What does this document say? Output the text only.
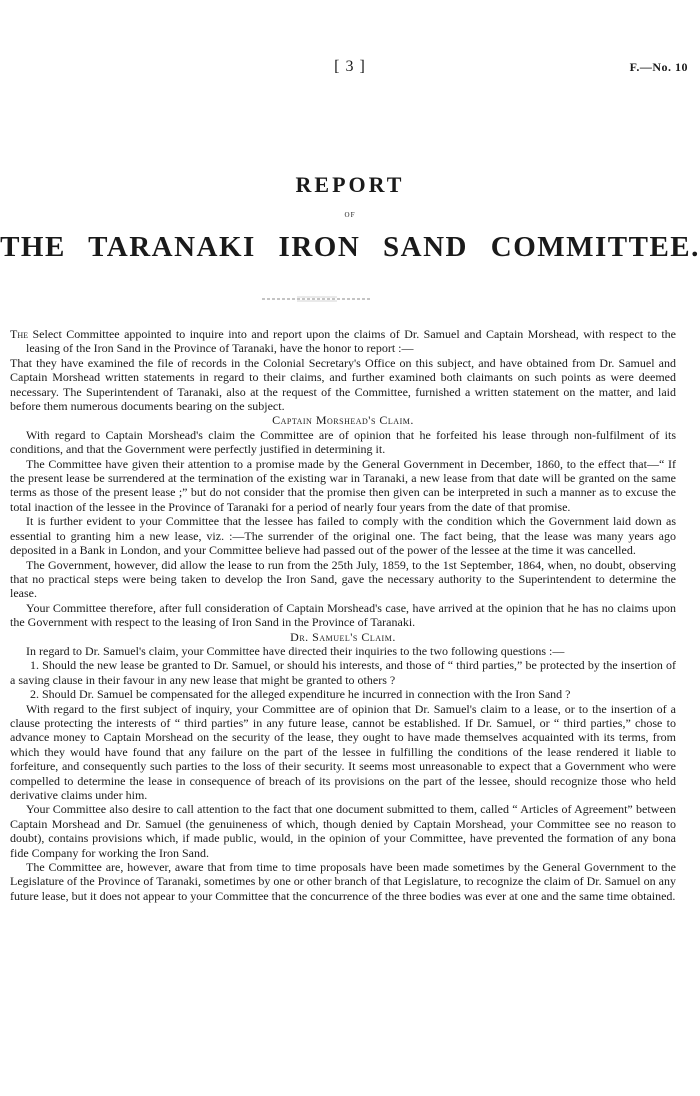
[ 3 ]	F.—No. 10
REPORT
OF
THE TARANAKI IRON SAND COMMITTEE.

The Select Committee appointed to inquire into and report upon the claims of Dr. Samuel and Captain Morshead, with respect to the leasing of the Iron Sand in the Province of Taranaki, have the honor to report :—

That they have examined the file of records in the Colonial Secretary's Office on this subject, and have obtained from Dr. Samuel and Captain Morshead written statements in regard to their claims, and further examined both claimants on such points as were deemed necessary. The Superintendent of Taranaki, also at the request of the Committee, furnished a written statement on the matter, and laid before them numerous documents bearing on the subject.

Captain Morshead's Claim.

With regard to Captain Morshead's claim the Committee are of opinion that he forfeited his lease through non-fulfilment of its conditions, and that the Government were perfectly justified in determining it.

The Committee have given their attention to a promise made by the General Government in December, 1860, to the effect that—“ If the present lease be surrendered at the termination of the existing war in Taranaki, a new lease from that date will be granted on the same terms as those of the present lease ;” but do not consider that the promise then given can be interpreted in such a manner as to excuse the total inaction of the lessee in the Province of Taranaki for a period of nearly four years from the date of that promise.

It is further evident to your Committee that the lessee has failed to comply with the condition which the Government laid down as essential to granting him a new lease, viz. :—The surrender of the original one. The fact being, that the lease was many years ago deposited in a Bank in London, and your Committee believe had passed out of the power of the lessee at the time it was cancelled.

The Government, however, did allow the lease to run from the 25th July, 1859, to the 1st September, 1864, when, no doubt, observing that no practical steps were being taken to develop the Iron Sand, gave the necessary authority to the Superintendent to determine the lease.

Your Committee therefore, after full consideration of Captain Morshead's case, have arrived at the opinion that he has no claims upon the Government with respect to the leasing of Iron Sand in the Province of Taranaki.

Dr. Samuel's Claim.

In regard to Dr. Samuel's claim, your Committee have directed their inquiries to the two following questions :—

1. Should the new lease be granted to Dr. Samuel, or should his interests, and those of “ third parties,” be protected by the insertion of a saving clause in their favour in any new lease that might be granted to others ?

2. Should Dr. Samuel be compensated for the alleged expenditure he incurred in connection with the Iron Sand ?

With regard to the first subject of inquiry, your Committee are of opinion that Dr. Samuel's claim to a lease, or to the insertion of a clause protecting the interests of “ third parties” in any future lease, cannot be established. If Dr. Samuel, or “ third parties,” chose to advance money to Captain Morshead on the security of the lease, they ought to have made themselves acquainted with its terms, from which they would have found that any failure on the part of the lessee in fulfilling the conditions of the lease rendered it liable to forfeiture, and consequently such parties to the loss of their security. It seems most unreasonable to expect that a Government who were compelled to determine the lease in consequence of breach of its provisions on the part of the lessee, should recognize those who held derivative claims under him.

Your Committee also desire to call attention to the fact that one document submitted to them, called “ Articles of Agreement” between Captain Morshead and Dr. Samuel (the genuineness of which, though denied by Captain Morshead, your Committee see no reason to doubt), contains provisions which, if made public, would, in the opinion of your Committee, have prevented the formation of any bona fide Company for working the Iron Sand.

The Committee are, however, aware that from time to time proposals have been made sometimes by the General Government to the Legislature of the Province of Taranaki, sometimes by one or other branch of that Legislature, to recognize the claim of Dr. Samuel on any future lease, but it does not appear to your Committee that the concurrence of the three bodies was ever at one and the same time obtained.
